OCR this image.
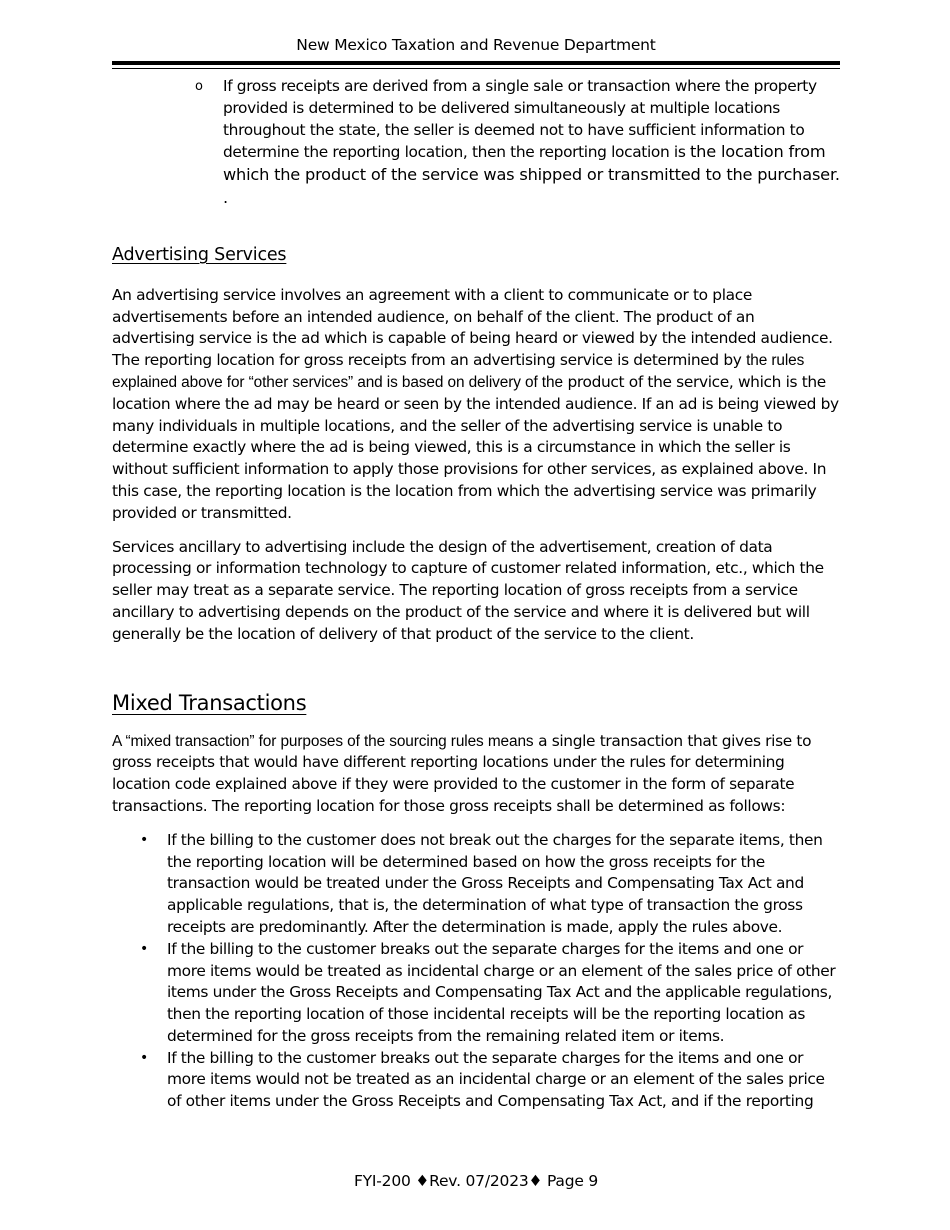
New Mexico Taxation and Revenue Department
o If gross receipts are derived from a single sale or transaction where the property provided is determined to be delivered simultaneously at multiple locations throughout the state, the seller is deemed not to have sufficient information to determine the reporting location, then the reporting location is the location from which the product of the service was shipped or transmitted to the purchaser. .
Advertising Services

An advertising service involves an agreement with a client to communicate or to place advertisements before an intended audience, on behalf of the client. The product of an advertising service is the ad which is capable of being heard or viewed by the intended audience. The reporting location for gross receipts from an advertising service is determined by the rules explained above for “other services” and is based on delivery of the product of the service, which is the location where the ad may be heard or seen by the intended audience. If an ad is being viewed by many individuals in multiple locations, and the seller of the advertising service is unable to determine exactly where the ad is being viewed, this is a circumstance in which the seller is without sufficient information to apply those provisions for other services, as explained above. In this case, the reporting location is the location from which the advertising service was primarily provided or transmitted.

Services ancillary to advertising include the design of the advertisement, creation of data processing or information technology to capture of customer related information, etc., which the seller may treat as a separate service. The reporting location of gross receipts from a service ancillary to advertising depends on the product of the service and where it is delivered but will generally be the location of delivery of that product of the service to the client.

Mixed Transactions

A “mixed transaction” for purposes of the sourcing rules means a single transaction that gives rise to gross receipts that would have different reporting locations under the rules for determining location code explained above if they were provided to the customer in the form of separate transactions. The reporting location for those gross receipts shall be determined as follows:

• If the billing to the customer does not break out the charges for the separate items, then the reporting location will be determined based on how the gross receipts for the transaction would be treated under the Gross Receipts and Compensating Tax Act and applicable regulations, that is, the determination of what type of transaction the gross receipts are predominantly. After the determination is made, apply the rules above.
• If the billing to the customer breaks out the separate charges for the items and one or more items would be treated as incidental charge or an element of the sales price of other items under the Gross Receipts and Compensating Tax Act and the applicable regulations, then the reporting location of those incidental receipts will be the reporting location as determined for the gross receipts from the remaining related item or items.
• If the billing to the customer breaks out the separate charges for the items and one or more items would not be treated as an incidental charge or an element of the sales price of other items under the Gross Receipts and Compensating Tax Act, and if the reporting
FYI-200 ♦Rev. 07/2023♦ Page 9
